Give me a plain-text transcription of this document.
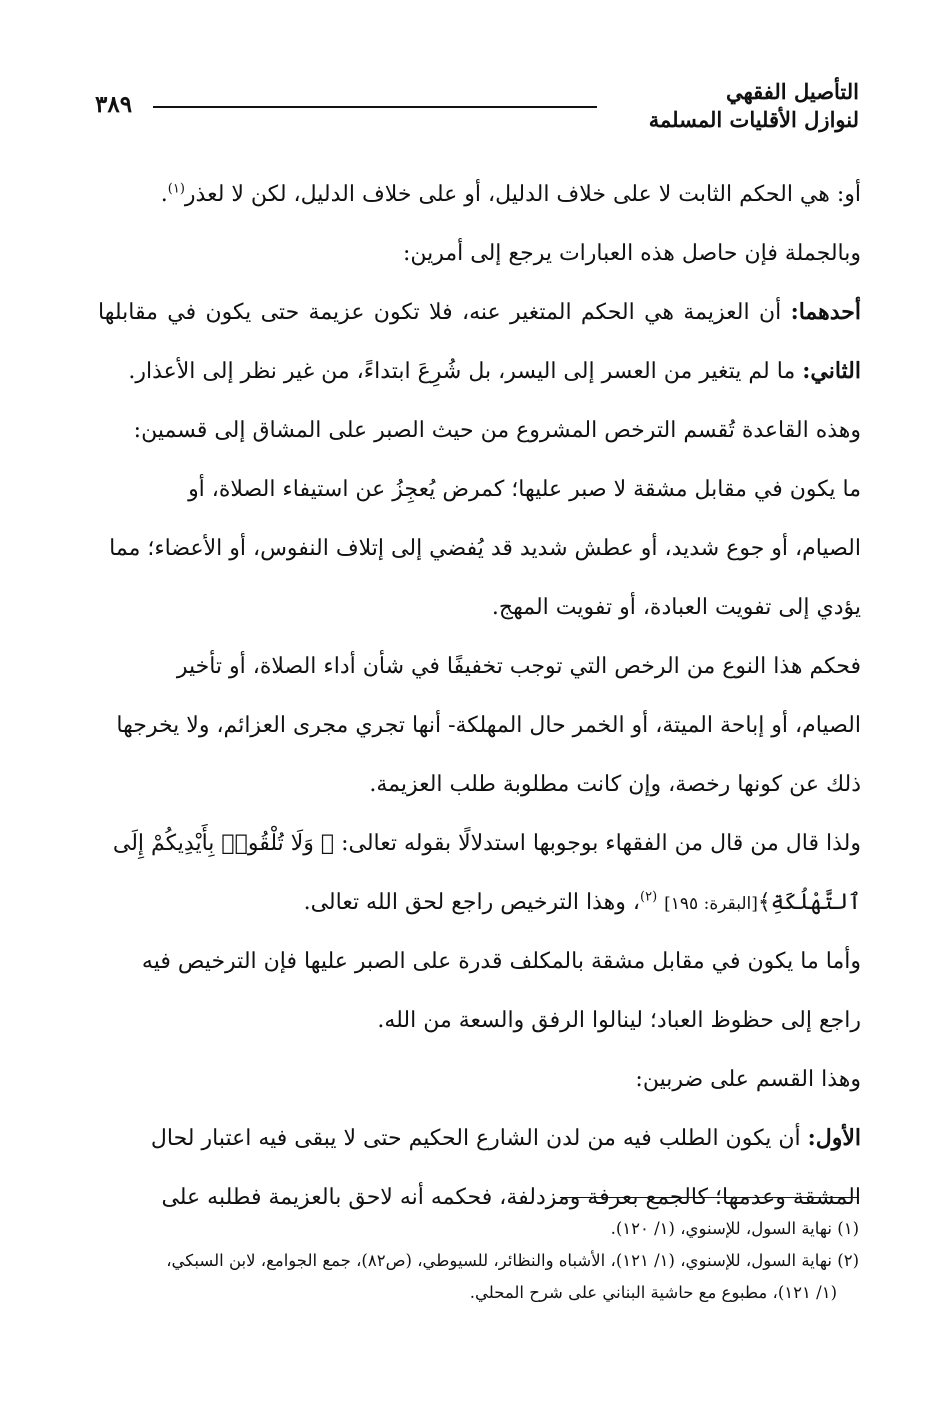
التأصيل الفقهي
لنوازل الأقليات المسلمة
٣٨٩
أو: هي الحكم الثابت لا على خلاف الدليل، أو على خلاف الدليل، لكن لا لعذر$^{(١)}$.
وبالجملة فإن حاصل هذه العبارات يرجع إلى أمرين:
أحدهما: أن العزيمة هي الحكم المتغير عنه، فلا تكون عزيمة حتى يكون في مقابلها
الثاني: ما لم يتغير من العسر إلى اليسر، بل شُرِعَ ابتداءً، من غير نظر إلى الأعذار.
وهذه القاعدة تُقسم الترخص المشروع من حيث الصبر على المشاق إلى قسمين:
ما يكون في مقابل مشقة لا صبر عليها؛ كمرض يُعجِزُ عن استيفاء الصلاة، أو
الصيام، أو جوع شديد، أو عطش شديد قد يُفضي إلى إتلاف النفوس، أو الأعضاء؛ مما
يؤدي إلى تفويت العبادة، أو تفويت المهج.
فحكم هذا النوع من الرخص التي توجب تخفيفًا في شأن أداء الصلاة، أو تأخير
الصيام، أو إباحة الميتة، أو الخمر حال المهلكة- أنها تجري مجرى العزائم، ولا يخرجها
ذلك عن كونها رخصة، وإن كانت مطلوبة طلب العزيمة.
ولذا قال من قال من الفقهاء بوجوبها استدلالًا بقوله تعالى: ﴿ وَلَا تُلْقُوا۟ بِأَيْدِيكُمْ إِلَى
ٱلتَّهْلُكَةِ﴾[البقرة: ١٩٥] $^{(٢)}$، وهذا الترخيص راجع لحق الله تعالى.
وأما ما يكون في مقابل مشقة بالمكلف قدرة على الصبر عليها فإن الترخيص فيه
راجع إلى حظوظ العباد؛ لينالوا الرفق والسعة من الله.
وهذا القسم على ضربين:
الأول: أن يكون الطلب فيه من لدن الشارع الحكيم حتى لا يبقى فيه اعتبار لحال
المشقة وعدمها؛ كالجمع بعرفة ومزدلفة، فحكمه أنه لاحق بالعزيمة فطلبه على
(١) نهاية السول، للإسنوي، (١/ ١٢٠).
(٢) نهاية السول، للإسنوي، (١/ ١٢١)، الأشباه والنظائر، للسيوطي، (ص٨٢)، جمع الجوامع، لابن السبكي،
(١/ ١٢١)، مطبوع مع حاشية البناني على شرح المحلي.
